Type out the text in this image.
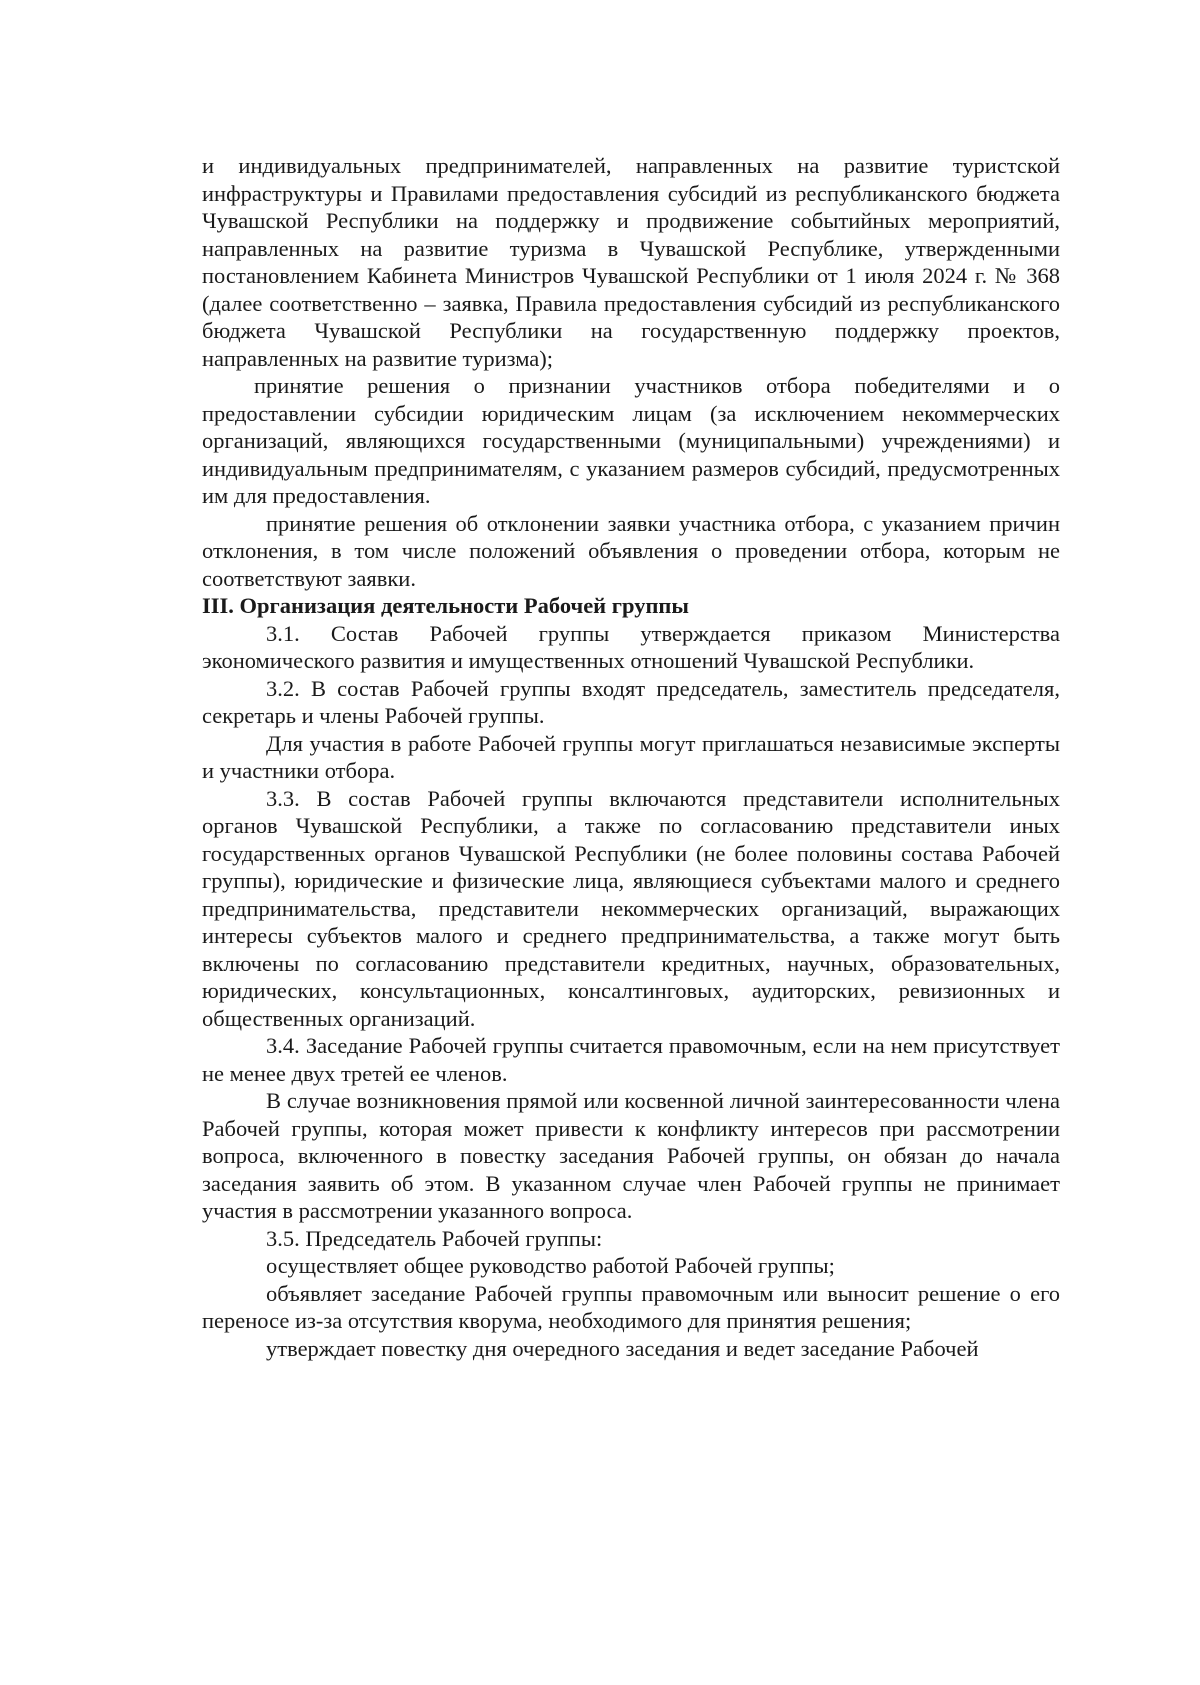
и индивидуальных предпринимателей, направленных на развитие туристской инфраструктуры и Правилами предоставления субсидий из республиканского бюджета Чувашской Республики на поддержку и продвижение событийных мероприятий, направленных на развитие туризма в Чувашской Республике, утвержденными постановлением Кабинета Министров Чувашской Республики от 1 июля 2024 г. № 368 (далее соответственно – заявка, Правила предоставления субсидий из республиканского бюджета Чувашской Республики на государственную поддержку проектов, направленных на развитие туризма);

принятие решения о признании участников отбора победителями и о предоставлении субсидии юридическим лицам (за исключением некоммерческих организаций, являющихся государственными (муниципальными) учреждениями) и индивидуальным предпринимателям, с указанием размеров субсидий, предусмотренных им для предоставления.

принятие решения об отклонении заявки участника отбора, с указанием причин отклонения, в том числе положений объявления о проведении отбора, которым не соответствуют заявки.

III. Организация деятельности Рабочей группы

3.1. Состав Рабочей группы утверждается приказом Министерства экономического развития и имущественных отношений Чувашской Республики.

3.2. В состав Рабочей группы входят председатель, заместитель председателя, секретарь и члены Рабочей группы.

Для участия в работе Рабочей группы могут приглашаться независимые эксперты и участники отбора.

3.3. В состав Рабочей группы включаются представители исполнительных органов Чувашской Республики, а также по согласованию представители иных государственных органов Чувашской Республики (не более половины состава Рабочей группы), юридические и физические лица, являющиеся субъектами малого и среднего предпринимательства, представители некоммерческих организаций, выражающих интересы субъектов малого и среднего предпринимательства, а также могут быть включены по согласованию представители кредитных, научных, образовательных, юридических, консультационных, консалтинговых, аудиторских, ревизионных и общественных организаций.

3.4. Заседание Рабочей группы считается правомочным, если на нем присутствует не менее двух третей ее членов.

В случае возникновения прямой или косвенной личной заинтересованности члена Рабочей группы, которая может привести к конфликту интересов при рассмотрении вопроса, включенного в повестку заседания Рабочей группы, он обязан до начала заседания заявить об этом. В указанном случае член Рабочей группы не принимает участия в рассмотрении указанного вопроса.

3.5. Председатель Рабочей группы:

осуществляет общее руководство работой Рабочей группы;

объявляет заседание Рабочей группы правомочным или выносит решение о его переносе из-за отсутствия кворума, необходимого для принятия решения;

утверждает повестку дня очередного заседания и ведет заседание Рабочей
